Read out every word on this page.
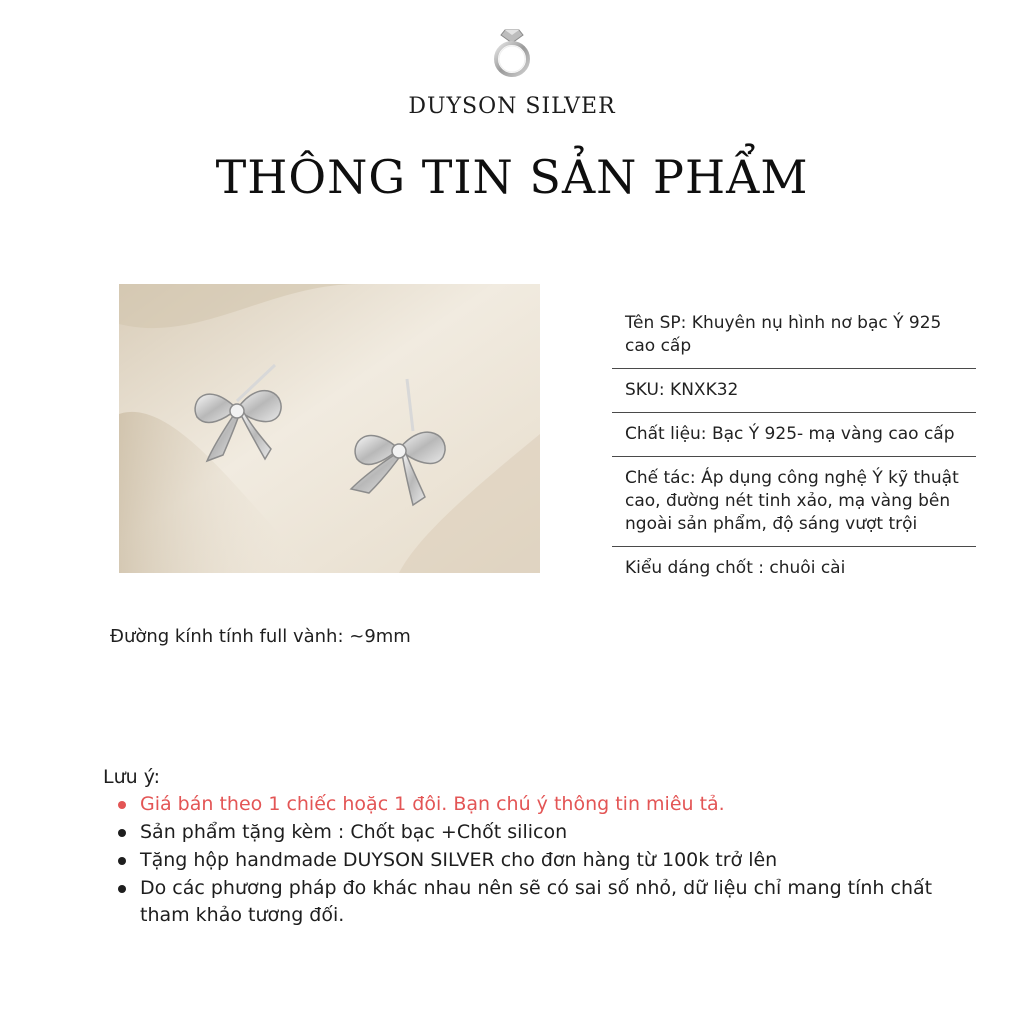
DUYSON SILVER
THÔNG TIN SẢN PHẨM
Đường kính tính full vành: ~9mm
Tên SP: Khuyên nụ hình nơ bạc Ý 925 cao cấp
SKU: KNXK32
Chất liệu: Bạc Ý 925- mạ vàng cao cấp
Chế tác: Áp dụng công nghệ Ý kỹ thuật cao, đường nét tinh xảo, mạ vàng bên ngoài sản phẩm, độ sáng vượt trội
Kiểu dáng chốt : chuôi cài
Lưu ý:
Giá bán theo 1 chiếc hoặc 1 đôi. Bạn chú ý thông tin miêu tả.
Sản phẩm tặng kèm : Chốt bạc +Chốt silicon
Tặng hộp handmade DUYSON SILVER cho đơn hàng từ 100k trở lên
Do các phương pháp đo khác nhau nên sẽ có sai số nhỏ, dữ liệu chỉ mang tính chất tham khảo tương đối.
